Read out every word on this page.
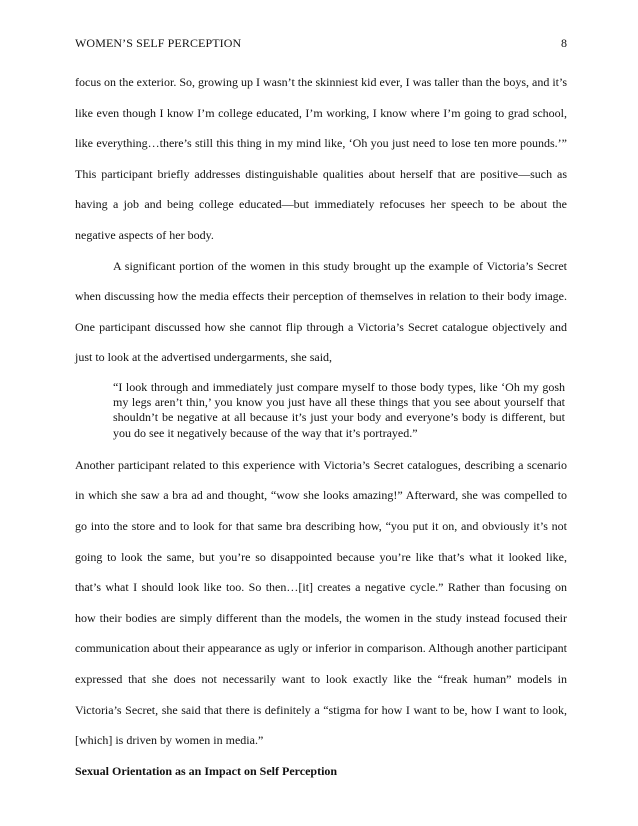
WOMEN’S SELF PERCEPTION	8

focus on the exterior. So, growing up I wasn’t the skinniest kid ever, I was taller than the boys, and it’s like even though I know I’m college educated, I’m working, I know where I’m going to grad school, like everything…there’s still this thing in my mind like, ‘Oh you just need to lose ten more pounds.’” This participant briefly addresses distinguishable qualities about herself that are positive—such as having a job and being college educated—but immediately refocuses her speech to be about the negative aspects of her body.

A significant portion of the women in this study brought up the example of Victoria’s Secret when discussing how the media effects their perception of themselves in relation to their body image. One participant discussed how she cannot flip through a Victoria’s Secret catalogue objectively and just to look at the advertised undergarments, she said,

“I look through and immediately just compare myself to those body types, like ‘Oh my gosh my legs aren’t thin,’ you know you just have all these things that you see about yourself that shouldn’t be negative at all because it’s just your body and everyone’s body is different, but you do see it negatively because of the way that it’s portrayed.”

Another participant related to this experience with Victoria’s Secret catalogues, describing a scenario in which she saw a bra ad and thought, “wow she looks amazing!” Afterward, she was compelled to go into the store and to look for that same bra describing how, “you put it on, and obviously it’s not going to look the same, but you’re so disappointed because you’re like that’s what it looked like, that’s what I should look like too. So then…[it] creates a negative cycle.” Rather than focusing on how their bodies are simply different than the models, the women in the study instead focused their communication about their appearance as ugly or inferior in comparison. Although another participant expressed that she does not necessarily want to look exactly like the “freak human” models in Victoria’s Secret, she said that there is definitely a “stigma for how I want to be, how I want to look, [which] is driven by women in media.”

Sexual Orientation as an Impact on Self Perception
